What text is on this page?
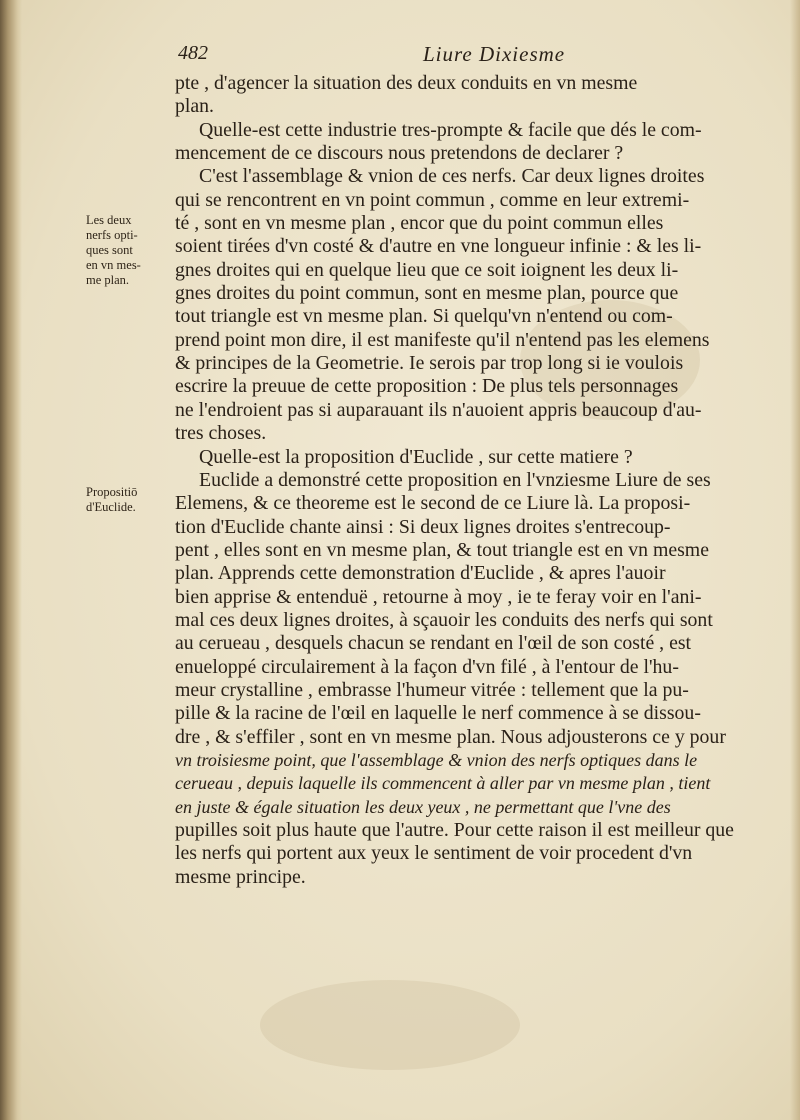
482	Liure Dixiesme
Les deux
nerfs opti-
ques sont
en vn mes-
me plan.
Propositiō
d'Euclide.
pte , d'agencer la situation des deux conduits en vn mesme
plan.
Quelle-est cette industrie tres-prompte & facile que dés le com-
mencement de ce discours nous pretendons de declarer ?
C'est l'assemblage & vnion de ces nerfs. Car deux lignes droites
qui se rencontrent en vn point commun , comme en leur extremi-
té , sont en vn mesme plan , encor que du point commun elles
soient tirées d'vn costé & d'autre en vne longueur infinie : & les li-
gnes droites qui en quelque lieu que ce soit ioignent les deux li-
gnes droites du point commun, sont en mesme plan, pource que
tout triangle est vn mesme plan. Si quelqu'vn n'entend ou com-
prend point mon dire, il est manifeste qu'il n'entend pas les elemens
& principes de la Geometrie. Ie serois par trop long si ie voulois
escrire la preuue de cette proposition : De plus tels personnages
ne l'endroient pas si auparauant ils n'auoient appris beaucoup d'au-
tres choses.
Quelle-est la proposition d'Euclide , sur cette matiere ?
Euclide a demonstré cette proposition en l'vnziesme Liure de ses
Elemens, & ce theoreme est le second de ce Liure là. La proposi-
tion d'Euclide chante ainsi : Si deux lignes droites s'entrecoup-
pent , elles sont en vn mesme plan, & tout triangle est en vn mesme
plan. Apprends cette demonstration d'Euclide , & apres l'auoir
bien apprise & entenduë , retourne à moy , ie te feray voir en l'ani-
mal ces deux lignes droites, à sçauoir les conduits des nerfs qui sont
au cerueau , desquels chacun se rendant en l'œil de son costé , est
enueloppé circulairement à la façon d'vn filé , à l'entour de l'hu-
meur crystalline , embrasse l'humeur vitrée : tellement que la pu-
pille & la racine de l'œil en laquelle le nerf commence à se dissou-
dre , & s'effiler , sont en vn mesme plan. Nous adjousterons ce y pour
vn troisiesme point, que l'assemblage & vnion des nerfs optiques dans le
cerueau , depuis laquelle ils commencent à aller par vn mesme plan , tient
en juste & égale situation les deux yeux , ne permettant que l'vne des
pupilles soit plus haute que l'autre. Pour cette raison il est meilleur que
les nerfs qui portent aux yeux le sentiment de voir procedent d'vn
mesme principe.
